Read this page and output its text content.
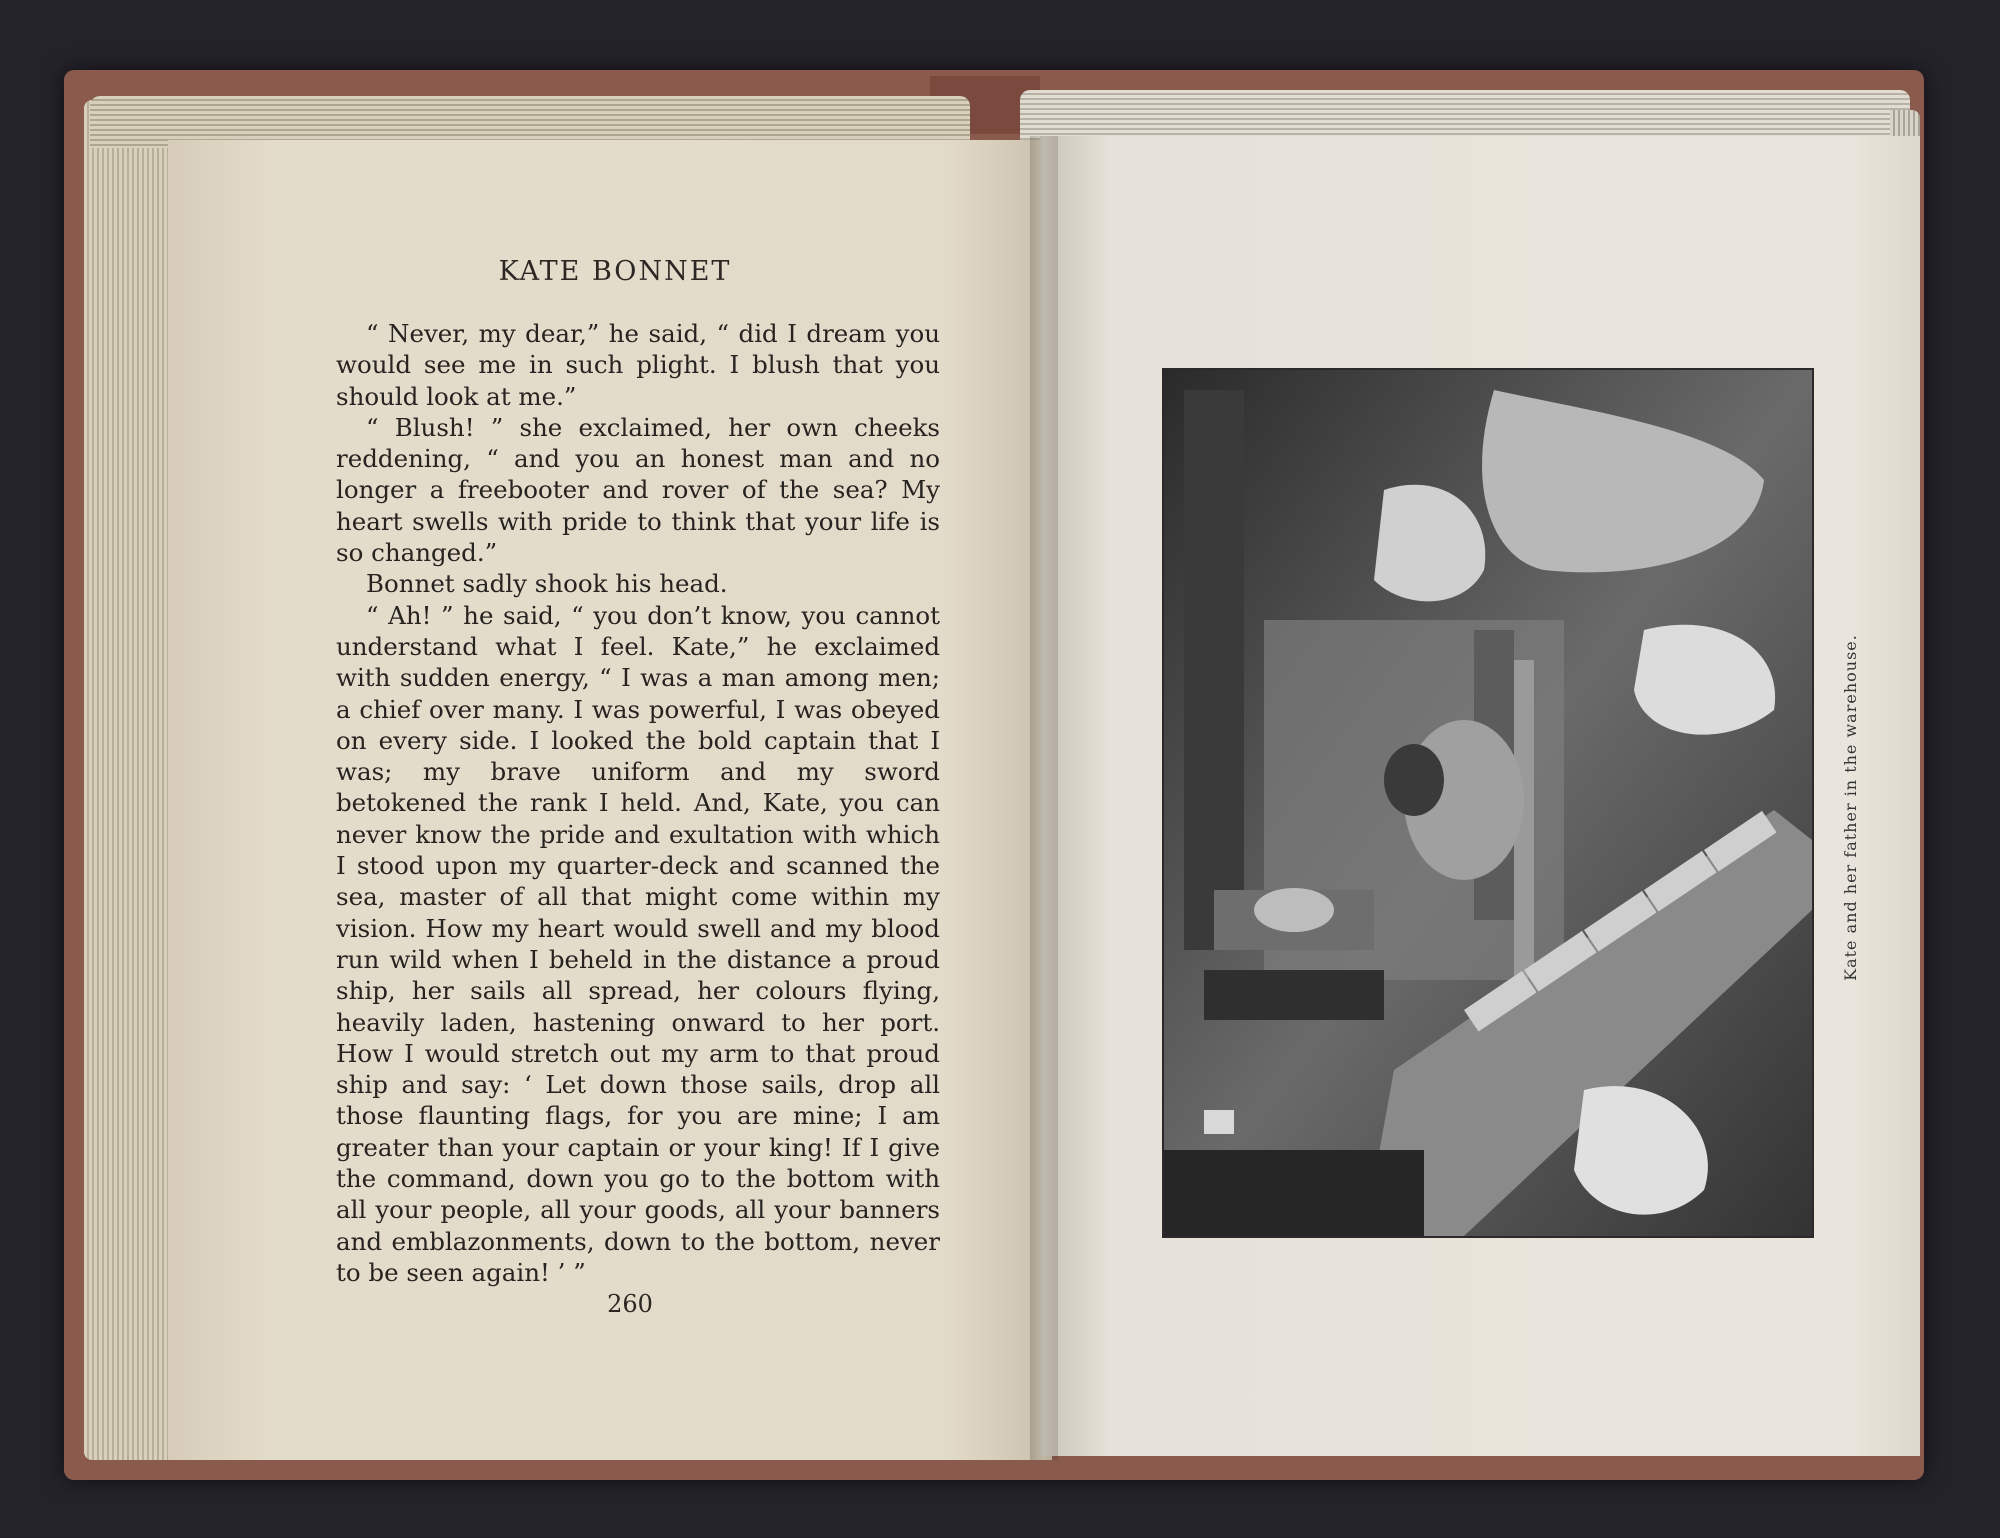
KATE BONNET

“ Never, my dear,” he said, “ did I dream you would see me in such plight. I blush that you should look at me.”

“ Blush! ” she exclaimed, her own cheeks reddening, “ and you an honest man and no longer a freebooter and rover of the sea? My heart swells with pride to think that your life is so changed.”

Bonnet sadly shook his head.

“ Ah! ” he said, “ you don’t know, you cannot understand what I feel. Kate,” he exclaimed with sudden energy, “ I was a man among men; a chief over many. I was powerful, I was obeyed on every side. I looked the bold captain that I was; my brave uniform and my sword betokened the rank I held. And, Kate, you can never know the pride and exultation with which I stood upon my quarter-deck and scanned the sea, master of all that might come within my vision. How my heart would swell and my blood run wild when I beheld in the distance a proud ship, her sails all spread, her colours flying, heavily laden, hastening onward to her port. How I would stretch out my arm to that proud ship and say: ‘ Let down those sails, drop all those flaunting flags, for you are mine; I am greater than your captain or your king! If I give the command, down you go to the bottom with all your people, all your goods, all your banners and emblazonments, down to the bottom, never to be seen again! ’ ”

260
Kate and her father in the warehouse.
